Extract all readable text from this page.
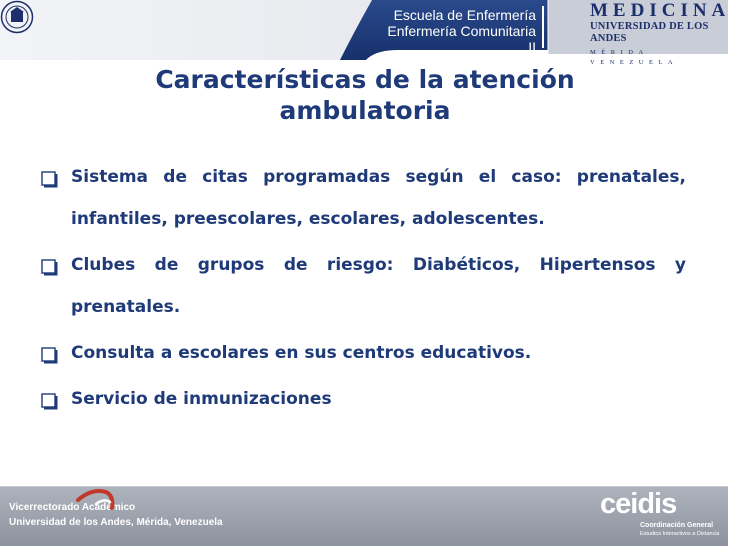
Escuela de Enfermería
Enfermería Comunitaria II
MEDICINA
UNIVERSIDAD DE LOS ANDES
MÉRIDA VENEZUELA
Características de la atención
ambulatoria
Sistema de citas programadas según el caso: prenatales, infantiles, preescolares, escolares, adolescentes.
Clubes de grupos de riesgo: Diabéticos, Hipertensos y prenatales.
Consulta a escolares en sus centros educativos.
Servicio de inmunizaciones
Vicerrectorado Académico
Universidad de los Andes, Mérida, Venezuela
ceidis
Coordinación General
Estudios Interactivos a Distancia
